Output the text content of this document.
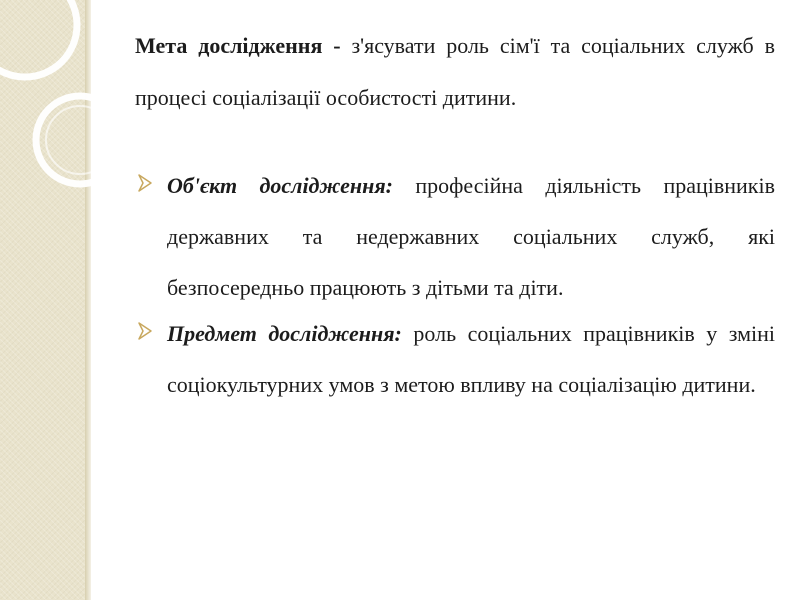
Мета дослідження - з'ясувати роль сім'ї та соціальних служб в процесі соціалізації особистості дитини.

Об'єкт дослідження: професійна діяльність працівників державних та недержавних соціальних служб, які безпосередньо працюють з дітьми та діти.

Предмет дослідження: роль соціальних працівників у зміні соціокультурних умов з метою впливу на соціалізацію дитини.
